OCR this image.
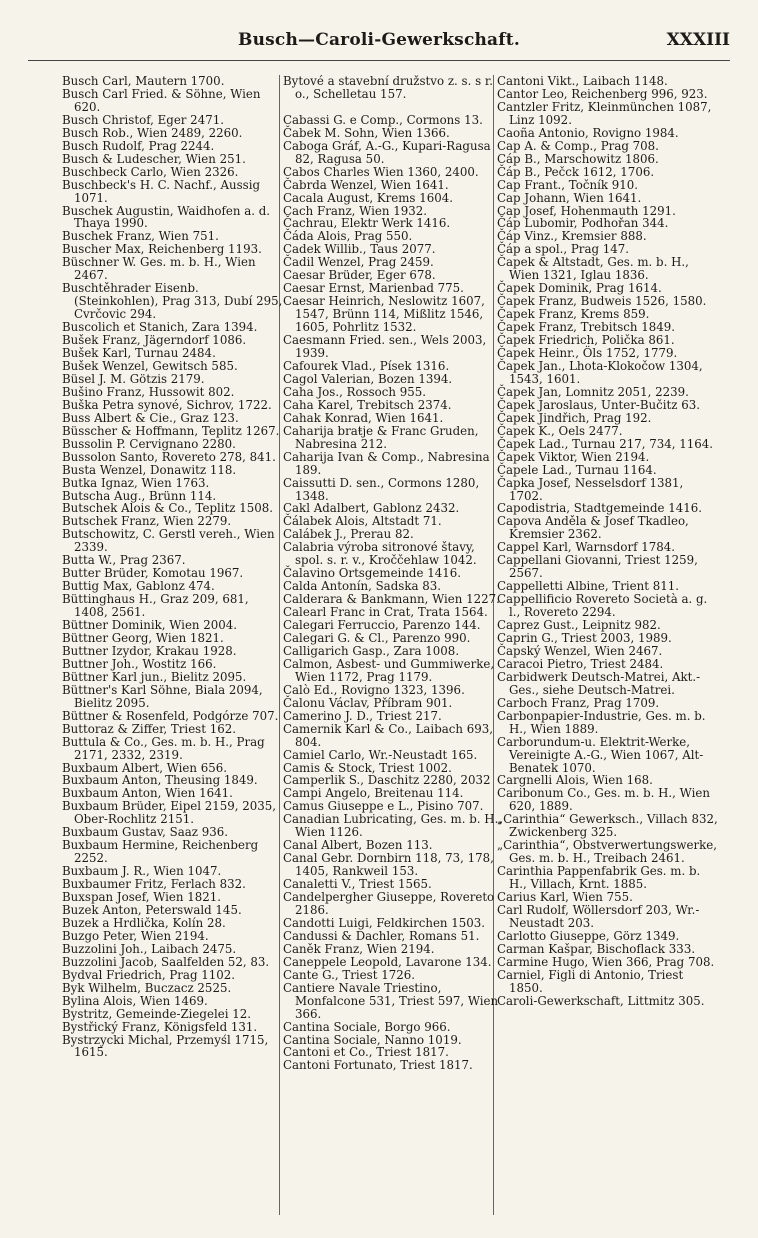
Busch—Caroli-Gewerkschaft.	XXXIII
Busch Carl, Mautern 1700.
Busch Carl Fried. & Söhne, Wien 620.
Busch Christof, Eger 2471.
Busch Rob., Wien 2489, 2260.
Busch Rudolf, Prag 2244.
Busch & Ludescher, Wien 251.
Buschbeck Carlo, Wien 2326.
Buschbeck's H. C. Nachf., Aussig 1071.
Buschek Augustin, Waidhofen a. d. Thaya 1990.
Buschek Franz, Wien 751.
Buscher Max, Reichenberg 1193.
Büschner W. Ges. m. b. H., Wien 2467.
Buschtěhrader Eisenb. (Steinkohlen), Prag 313, Dubí 295, Cvrčovic 294.
Buscolich et Stanich, Zara 1394.
Bušek Franz, Jägerndorf 1086.
Bušek Karl, Turnau 2484.
Bušek Wenzel, Gewitsch 585.
Büsel J. M. Götzis 2179.
Bušino Franz, Hussowit 802.
Buška Petra synové, Sichrov, 1722.
Buss Albert & Cie., Graz 123.
Büsscher & Hoffmann, Teplitz 1267.
Bussolin P. Cervignano 2280.
Bussolon Santo, Rovereto 278, 841.
Busta Wenzel, Donawitz 118.
Butka Ignaz, Wien 1763.
Butscha Aug., Brünn 114.
Butschek Alois & Co., Teplitz 1508.
Butschek Franz, Wien 2279.
Butschowitz, C. Gerstl vereh., Wien 2339.
Butta W., Prag 2367.
Butter Brüder, Komotau 1967.
Buttig Max, Gablonz 474.
Büttinghaus H., Graz 209, 681, 1408, 2561.
Büttner Dominik, Wien 2004.
Büttner Georg, Wien 1821.
Buttner Izydor, Krakau 1928.
Buttner Joh., Wostitz 166.
Büttner Karl jun., Bielitz 2095.
Büttner's Karl Söhne, Biala 2094, Bielitz 2095.
Büttner & Rosenfeld, Podgórze 707.
Buttoraz & Ziffer, Triest 162.
Buttula & Co., Ges. m. b. H., Prag 2171, 2332, 2319.
Buxbaum Albert, Wien 656.
Buxbaum Anton, Theusing 1849.
Buxbaum Anton, Wien 1641.
Buxbaum Brüder, Eipel 2159, 2035, Ober-Rochlitz 2151.
Buxbaum Gustav, Saaz 936.
Buxbaum Hermine, Reichenberg 2252.
Buxbaum J. R., Wien 1047.
Buxbaumer Fritz, Ferlach 832.
Buxspan Josef, Wien 1821.
Buzek Anton, Peterswald 145.
Buzek a Hrdlička, Kolín 28.
Buzgo Peter, Wien 2194.
Buzzolini Joh., Laibach 2475.
Buzzolini Jacob, Saalfelden 52, 83.
Bydval Friedrich, Prag 1102.
Byk Wilhelm, Buczacz 2525.
Bylina Alois, Wien 1469.
Bystritz, Gemeinde-Ziegelei 12.
Bystřický Franz, Königsfeld 131.
Bystrzycki Michal, Przemyśl 1715, 1615.
Bytové a stavební družstvo z. s. s r. o., Schelletau 157.

Cabassi G. e Comp., Cormons 13.
Čabek M. Sohn, Wien 1366.
Caboga Gráf, A.-G., Kupari-Ragusa 82, Ragusa 50.
Cabos Charles Wien 1360, 2400.
Čabrda Wenzel, Wien 1641.
Cacala August, Krems 1604.
Cach Franz, Wien 1932.
Čachrau, Elektr Werk 1416.
Čáda Alois, Prag 550.
Cadek Willib., Taus 2077.
Čadil Wenzel, Prag 2459.
Caesar Brüder, Eger 678.
Caesar Ernst, Marienbad 775.
Caesar Heinrich, Neslowitz 1607, 1547, Brünn 114, Mißlitz 1546, 1605, Pohrlitz 1532.
Caesmann Fried. sen., Wels 2003, 1939.
Cafourek Vlad., Písek 1316.
Cagol Valerian, Bozen 1394.
Caha Jos., Rossoch 955.
Caha Karel, Trebitsch 2374.
Cahak Konrad, Wien 1641.
Caharija braŧje & Franc Gruden, Nabresina 212.
Caharija Ivan & Comp., Nabresina 189.
Caissutti D. sen., Cormons 1280, 1348.
Cakl Adalbert, Gablonz 2432.
Čálabek Alois, Altstadt 71.
Calábek J., Prerau 82.
Calabria výroba sitronové štavy, spol. s. r. v., Kroččehlaw 1042.
Čalavino Ortsgemeinde 1416.
Calda Antonín, Sadska 83.
Calderara & Bankmann, Wien 1227.
Calearl Franc in Crat, Trata 1564.
Calegari Ferruccio, Parenzo 144.
Calegari G. & Cl., Parenzo 990.
Calligarich Gasp., Zara 1008.
Calmon, Asbest- und Gummiwerke, Wien 1172, Prag 1179.
Calò Ed., Rovigno 1323, 1396.
Čalonu Václav, Příbram 901.
Camerino J. D., Triest 217.
Camernik Karl & Co., Laibach 693, 804.
Camiel Carlo, Wr.-Neustadt 165.
Camis & Stock, Triest 1002.
Camperlik S., Daschitz 2280, 2032
Campi Angelo, Breitenau 114.
Camus Giuseppe e L., Pisino 707.
Canadian Lubricating, Ges. m. b. H., Wien 1126.
Canal Albert, Bozen 113.
Canal Gebr. Dornbirn 118, 73, 178, 1405, Rankweil 153.
Canaletti V., Triest 1565.
Candelpergher Giuseppe, Rovereto 2186.
Candotti Luigi, Feldkirchen 1503.
Candussi & Dachler, Romans 51.
Caněk Franz, Wien 2194.
Caneppele Leopold, Lavarone 134.
Cante G., Triest 1726.
Cantiere Navale Triestino, Monfalcone 531, Triest 597, Wien 366.
Cantina Sociale, Borgo 966.
Cantina Sociale, Nanno 1019.
Cantoni et Co., Triest 1817.
Cantoni Fortunato, Triest 1817.
Cantoni Vikt., Laibach 1148.
Cantor Leo, Reichenberg 996, 923.
Cantzler Fritz, Kleinmünchen 1087, Linz 1092.
Caoña Antonio, Rovigno 1984.
Cap A. & Comp., Prag 708.
Cáp B., Marschowitz 1806.
Čáp B., Pečck 1612, 1706.
Cap Frant., Točník 910.
Cap Johann, Wien 1641.
Cap Josef, Hohenmauth 1291.
Čáp Lubomir, Podhořan 344.
Čáp Vinz., Kremsier 888.
Čáp a spol., Prag 147.
Čapek & Altstadt, Ges. m. b. H., Wien 1321, Iglau 1836.
Čapek Dominik, Prag 1614.
Čapek Franz, Budweis 1526, 1580.
Čapek Franz, Krems 859.
Čapek Franz, Trebitsch 1849.
Čapek Friedrich, Polička 861.
Čapek Heinr., Öls 1752, 1779.
Čapek Jan., Lhota-Klokočow 1304, 1543, 1601.
Čapek Jan, Lomnitz 2051, 2239.
Čapek Jaroslaus, Unter-Bučitz 63.
Čapek Jindřich, Prag 192.
Čapek K., Oels 2477.
Čapek Lad., Turnau 217, 734, 1164.
Čapek Viktor, Wien 2194.
Čapele Lad., Turnau 1164.
Čapka Josef, Nesselsdorf 1381, 1702.
Capodistria, Stadtgemeinde 1416.
Capova Anděla & Josef Tkadleo, Kremsier 2362.
Cappel Karl, Warnsdorf 1784.
Cappellani Giovanni, Triest 1259, 2567.
Cappelletti Albine, Trient 811.
Cappellificio Rovereto Società a. g. l., Rovereto 2294.
Caprez Gust., Leipnitz 982.
Caprin G., Triest 2003, 1989.
Čapský Wenzel, Wien 2467.
Caracoi Pietro, Triest 2484.
Carbidwerk Deutsch-Matrei, Akt.-Ges., siehe Deutsch-Matrei.
Carboch Franz, Prag 1709.
Carbonpapier-Industrie, Ges. m. b. H., Wien 1889.
Carborundum-u. Elektrit-Werke, Vereinigte A.-G., Wien 1067, Alt-Benatek 1070.
Cargnelli Alois, Wien 168.
Caribonum Co., Ges. m. b. H., Wien 620, 1889.
„Carinthia“ Gewerksch., Villach 832, Zwickenberg 325.
„Carinthia“, Obstverwertungswerke, Ges. m. b. H., Treibach 2461.
Carinthia Pappenfabrik Ges. m. b. H., Villach, Krnt. 1885.
Carius Karl, Wien 755.
Carl Rudolf, Wöllersdorf 203, Wr.-Neustadt 203.
Carlotto Giuseppe, Görz 1349.
Carman Kašpar, Bischoflack 333.
Carmine Hugo, Wien 366, Prag 708.
Carniel, Figli di Antonio, Triest 1850.
Caroli-Gewerkschaft, Littmitz 305.
